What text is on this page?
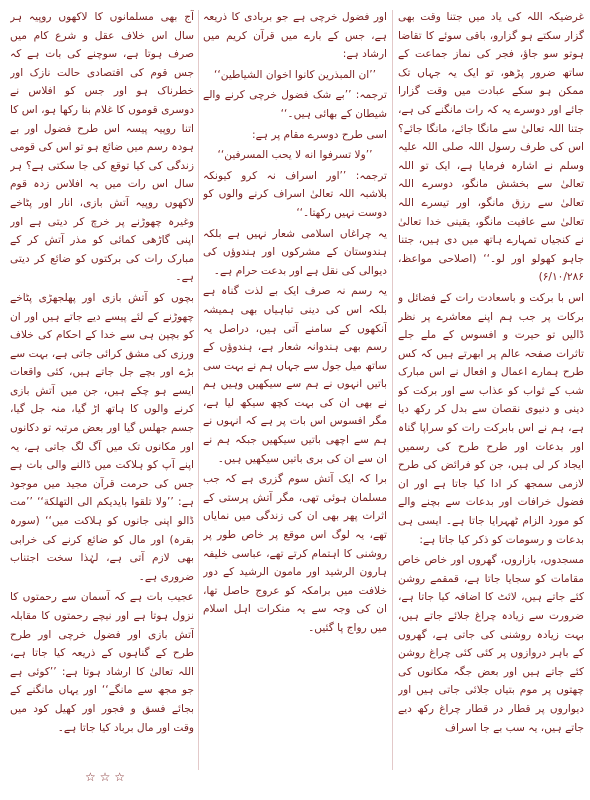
غرضیکہ اللہ کی یاد میں جتنا وقت بھی گزار سکتے ہو گزارو، باقی سوئے کا تقاضا ہوتو سو جاؤ، فجر کی نماز جماعت کے ساتھ ضرور پڑھو، تو ایک یہ جہاں تک ممکن ہو سکے عبادت میں وقت گزارا جائے اور دوسرے یہ کہ رات مانگنے کی ہے، جتنا اللہ تعالیٰ سے مانگا جائے، مانگا جائے؟ اس کی طرف رسول اللہ صلی اللہ علیہ وسلم نے اشارہ فرمایا ہے، ایک تو اللہ تعالیٰ سے بخشش مانگو، دوسرے اللہ تعالیٰ سے رزق مانگو، اور تیسرے اللہ تعالیٰ سے عافیت مانگو، یقینی خدا تعالیٰ نے کنجیاں تمہارے ہاتھ میں دی ہیں، جتنا جاہو کھولو اور لو۔‘‘ (اصلاحی مواعظ، ۶/۱۰/۲۸۶)

اس با برکت و باسعادت رات کے فضائل و برکات پر جب ہم اپنے معاشرے پر نظر ڈالیں تو حیرت و افسوس کے ملے جلے تاثرات صفحہ عالم پر ابھرتے ہیں کہ کس طرح ہمارے اعمال و افعال نے اس مبارک شب کے ثواب کو عذاب سے اور برکت کو دینی و دنیوی نقصان سے بدل کر رکھ دیا ہے، ہم نے اس بابرکت رات کو سراپا گناہ اور بدعات اور طرح طرح کی رسمیں ایجاد کر لی ہیں، جن کو فرائض کی طرح لازمی سمجھ کر ادا کیا جاتا ہے اور ان فضول خرافات اور بدعات سے بچنے والے کو مورد الزام ٹھہرایا جاتا ہے۔ ایسی ہی بدعات و رسومات کو ذکر کیا جاتا ہے:

مسجدوں، بازاروں، گھروں اور خاص خاص مقامات کو سجایا جاتا ہے، قمقمے روشن کئے جاتے ہیں، لائٹ کا اضافہ کیا جاتا ہے، ضرورت سے زیادہ چراغ جلائے جاتے ہیں، بہت زیادہ روشنی کی جاتی ہے، گھروں کے باہر دروازوں پر کئی کئی چراغ روشن کئے جاتے ہیں اور بعض جگہ مکانوں کی چھتوں پر موم بتیاں جلائی جاتی ہیں اور دیواروں پر قطار در قطار چراغ رکھ دیے جاتے ہیں، یہ سب بے جا اسراف

اور فضول خرچی ہے جو بربادی کا ذریعہ ہے، جس کے بارے میں قرآن کریم میں ارشاد ہے:

’’ان المبذرین کانوا اخوان الشیاطین‘‘

ترجمہ: ’’بے شک فضول خرچی کرنے والے شیطان کے بھائی ہیں۔‘‘

اسی طرح دوسرے مقام پر ہے:

’’ولا تسرفوا انه لا یحب المسرفین‘‘

ترجمہ: ’’اور اسراف نہ کرو کیونکہ بلاشبہ اللہ تعالیٰ اسراف کرنے والوں کو دوست نہیں رکھتا۔‘‘

یہ چراغاں اسلامی شعار نہیں ہے بلکہ ہندوستان کے مشرکوں اور ہندوؤں کی دیوالی کی نقل ہے اور بدعت حرام ہے۔

یہ رسم نہ صرف ایک بے لذت گناہ ہے بلکہ اس کی دینی تباہیاں بھی ہمیشہ آنکھوں کے سامنے آتی ہیں، دراصل یہ رسم بھی ہندوانہ شعار ہے، ہندوؤں کے ساتھ میل جول سے جہاں ہم نے بہت سی باتیں انہوں نے ہم سے سیکھیں وہیں ہم نے بھی ان کی بہت کچھ سیکھ لیا ہے، مگر افسوس اس بات پر ہے کہ انہوں نے ہم سے اچھی باتیں سیکھیں جبکہ ہم نے ان سے ان کی بری باتیں سیکھیں ہیں۔

برا کہ ایک آتش سوم گزری ہے کہ جب مسلمان ہوئی تھی، مگر آتش پرستی کے اثرات پھر بھی ان کی زندگی میں نمایاں تھے، یہ لوگ اس موقع پر خاص طور پر روشنی کا اہتمام کرتے تھے، عباسی خلیفہ ہارون الرشید اور مامون الرشید کے دور خلافت میں برامکہ کو عروج حاصل تھا، ان کی وجہ سے یہ منکرات اہل اسلام میں رواج پا گئیں۔

آج بھی مسلمانوں کا لاکھوں روپیہ ہر سال اس خلاف عقل و شرع کام میں صرف ہوتا ہے، سوچنے کی بات ہے کہ جس قوم کی اقتصادی حالت نازک اور خطرناک ہو اور جس کو افلاس نے دوسری قوموں کا غلام بنا رکھا ہو، اس کا اتنا روپیہ پیسہ اس طرح فضول اور بے ہودہ رسم میں ضائع ہو تو اس کی قومی زندگی کی کیا توقع کی جا سکتی ہے؟ ہر سال اس رات میں یہ افلاس زدہ قوم لاکھوں روپیہ آتش بازی، انار اور پٹاخے وغیرہ چھوڑنے پر خرچ کر دیتی ہے اور اپنی گاڑھی کمائی کو مذر آتش کر کے مبارک رات کی برکتوں کو ضائع کر دیتی ہے۔

بچوں کو آتش بازی اور پھلجھڑی پٹاخے چھوڑنے کے لئے پیسے دیے جاتے ہیں اور ان کو بچپن ہی سے خدا کے احکام کی خلاف ورزی کی مشق کرائی جاتی ہے، بہت سے بڑے اور بچے جل جاتے ہیں، کئی واقعات ایسے ہو چکے ہیں، جن میں آتش بازی کرنے والوں کا ہاتھ اڑ گیا، منہ جل گیا، جسم جھلس گیا اور بعض مرتبہ تو دکانوں اور مکانوں تک میں آگ لگ جاتی ہے، یہ اپنے آپ کو ہلاکت میں ڈالنے والی بات ہے جس کی حرمت قرآن مجید میں موجود ہے: ’’ولا تلقوا بایدیکم الی التهلکة‘‘ ’’مت ڈالو اپنی جانوں کو ہلاکت میں‘‘ (سورہ بقرہ) اور مال کو ضائع کرنے کی خرابی بھی لازم آتی ہے، لہٰذا سخت اجتناب ضروری ہے۔

عجیب بات ہے کہ آسمان سے رحمتوں کا نزول ہوتا ہے اور نیچے رحمتوں کا مقابلہ آتش بازی اور فضول خرچی اور طرح طرح کے گناہوں کے ذریعہ کیا جاتا ہے، اللہ تعالیٰ کا ارشاد ہوتا ہے: ’’کوئی ہے جو مجھ سے مانگے‘‘ اور یہاں مانگنے کے بجائے فسق و فجور اور کھیل کود میں وقت اور مال برباد کیا جاتا ہے۔

☆ ☆ ☆
